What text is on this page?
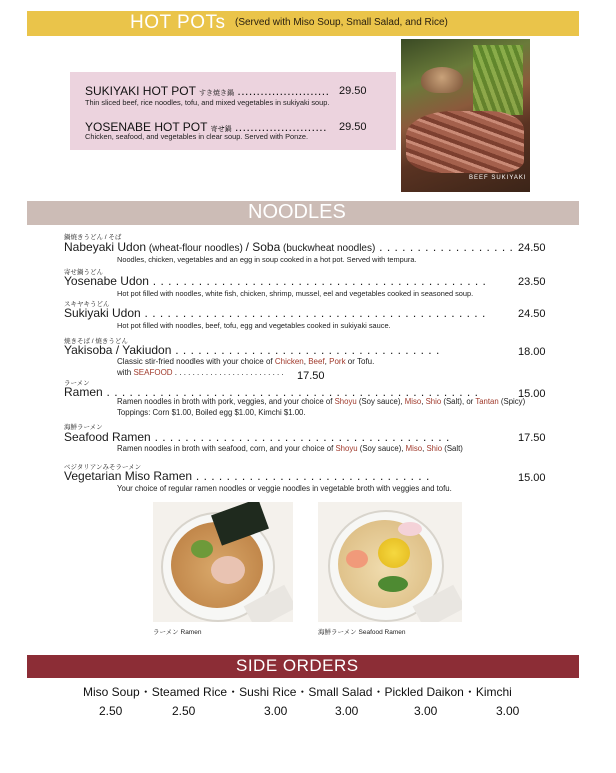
HOT POTs (Served with Miso Soup, Small Salad, and Rice)
SUKIYAKI HOT POT すき焼き鍋 ........................ 29.50
Thin sliced beef, rice noodles, tofu, and mixed vegetables in sukiyaki soup.
YOSENABE HOT POT 寄せ鍋 ........................ 29.50
Chicken, seafood, and vegetables in clear soup. Served with Ponze.
BEEF SUKIYAKI
NOODLES
鍋焼きうどん / そば
Nabeyaki Udon (wheat-flour noodles) / Soba (buckwheat noodles) . . . . . . . . . . . . . . . . . . 24.50
Noodles, chicken, vegetables and an egg in soup cooked in a hot pot. Served with tempura.
寄せ鍋うどん
Yosenabe Udon . . . . . . . . . . . . . . . . . . . . . . . . . . . . . . . . . . . . . . . . . . . .	23.50
Hot pot filled with noodles, white fish, chicken, shrimp, mussel, eel and vegetables cooked in seasoned soup.
スキヤキうどん
Sukiyaki Udon . . . . . . . . . . . . . . . . . . . . . . . . . . . . . . . . . . . . . . . . . . . . .	24.50
Hot pot filled with noodles, beef, tofu, egg and vegetables cooked in sukiyaki sauce.
焼きそば / 焼きうどん
Yakisoba / Yakiudon . . . . . . . . . . . . . . . . . . . . . . . . . . . . . . . . . . .	18.00
Classic stir-fried noodles with your choice of Chicken, Beef, Pork or Tofu.
with SEAFOOD . . . . . . . . . . . . . . . . . . . . . . . . . 17.50
ラーメン
Ramen . . . . . . . . . . . . . . . . . . . . . . . . . . . . . . . . . . . . . . . . . . . . . . . . .	15.00
Ramen noodles in broth with pork, veggies, and your choice of Shoyu (Soy sauce), Miso, Shio (Salt), or Tantan (Spicy)
Toppings: Corn $1.00, Boiled egg $1.00, Kimchi $1.00.
海鮮ラーメン
Seafood Ramen . . . . . . . . . . . . . . . . . . . . . . . . . . . . . . . . . . . . . . .	17.50
Ramen noodles in broth with seafood, corn, and your choice of Shoyu (Soy sauce), Miso, Shio (Salt)
ベジタリアンみそラーメン
Vegetarian Miso Ramen . . . . . . . . . . . . . . . . . . . . . . . . . . . . . . .	15.00
Your choice of regular ramen noodles or veggie noodles in vegetable broth with veggies and tofu.
ラーメン Ramen	海鮮ラーメン Seafood Ramen
SIDE ORDERS
Miso Soup・Steamed Rice・Sushi Rice・Small Salad・Pickled Daikon・Kimchi
2.50	2.50	3.00	3.00	3.00	3.00
